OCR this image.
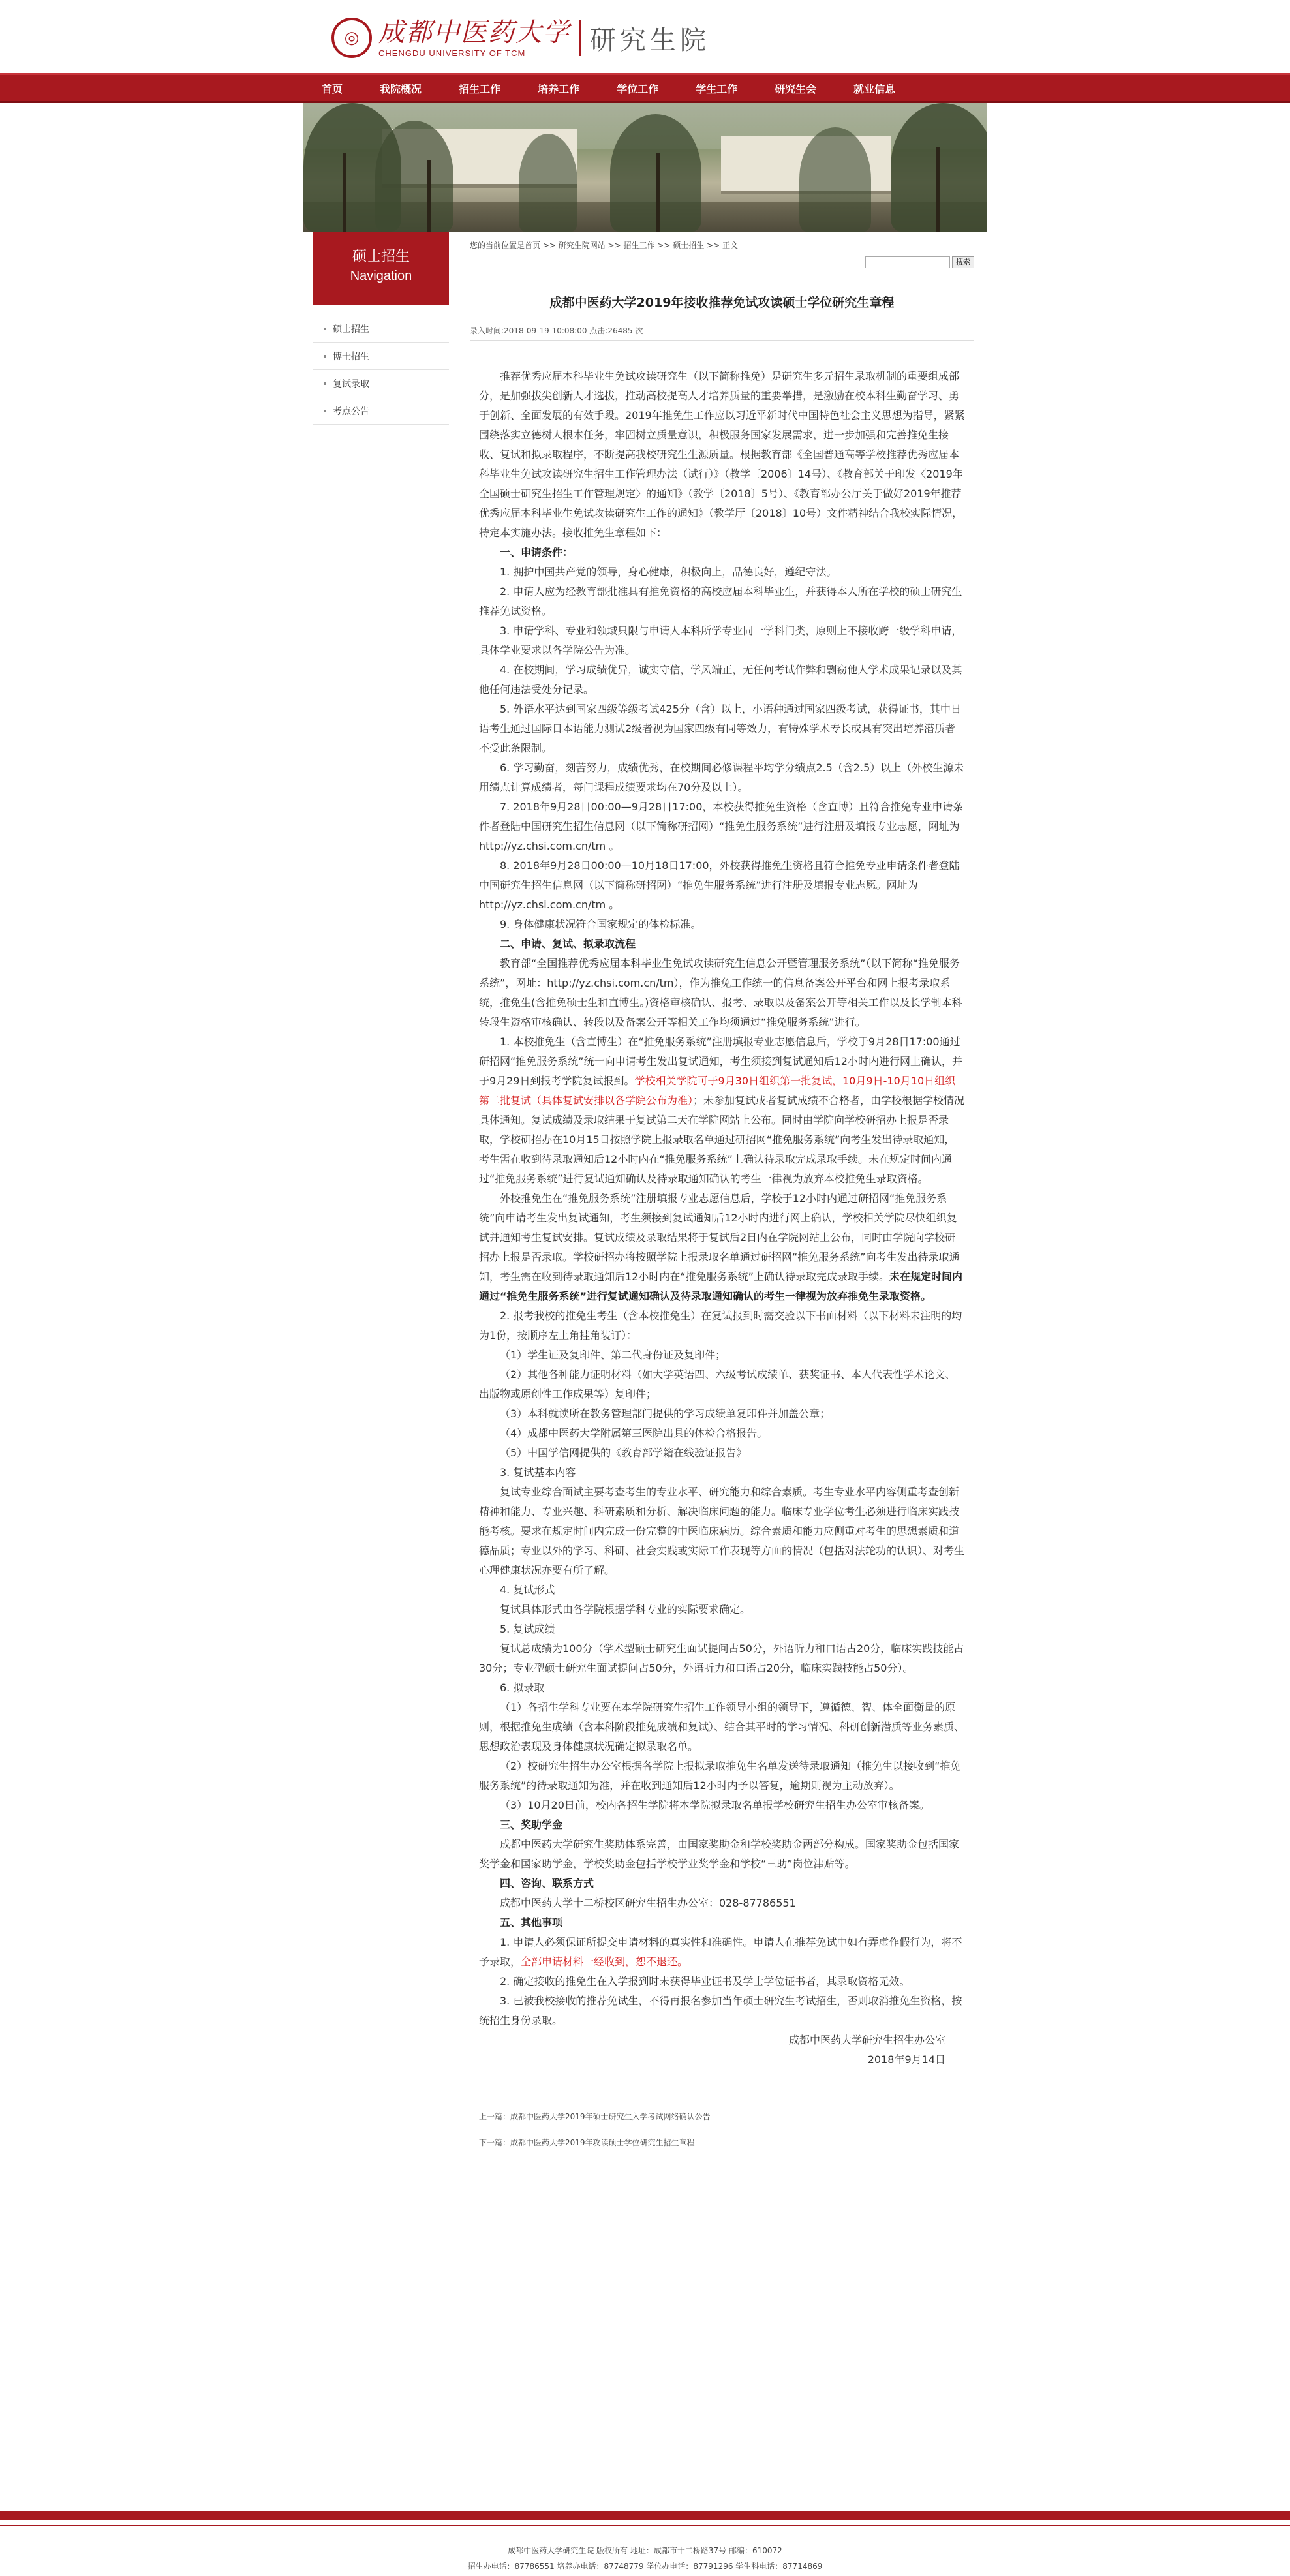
◎ 成都中医药大学
CHENGDU UNIVERSITY OF TCM	研究生院
首页	我院概况	招生工作	培养工作	学位工作	学生工作	研究生会	就业信息
硕士招生
Navigation
硕士招生
博士招生
复试录取
考点公告
您的当前位置是首页 >> 研究生院网站 >> 招生工作 >> 硕士招生 >> 正文
搜索
成都中医药大学2019年接收推荐免试攻读硕士学位研究生章程
录入时间:2018-09-19 10:08:00 点击:26485 次

推荐优秀应届本科毕业生免试攻读研究生（以下简称推免）是研究生多元招生录取机制的重要组成部分，是加强拔尖创新人才选拔，推动高校提高人才培养质量的重要举措，是激励在校本科生勤奋学习、勇于创新、全面发展的有效手段。2019年推免生工作应以习近平新时代中国特色社会主义思想为指导，紧紧围绕落实立德树人根本任务，牢固树立质量意识，积极服务国家发展需求，进一步加强和完善推免生接收、复试和拟录取程序，不断提高我校研究生生源质量。根据教育部《全国普通高等学校推荐优秀应届本科毕业生免试攻读研究生招生工作管理办法（试行）》（教学〔2006〕14号）、《教育部关于印发〈2019年全国硕士研究生招生工作管理规定〉的通知》（教学〔2018〕5号）、《教育部办公厅关于做好2019年推荐优秀应届本科毕业生免试攻读研究生工作的通知》（教学厅〔2018〕10号）文件精神结合我校实际情况，特定本实施办法。接收推免生章程如下：

一、申请条件：

1. 拥护中国共产党的领导，身心健康，积极向上，品德良好，遵纪守法。

2. 申请人应为经教育部批准具有推免资格的高校应届本科毕业生，并获得本人所在学校的硕士研究生推荐免试资格。

3. 申请学科、专业和领域只限与申请人本科所学专业同一学科门类，原则上不接收跨一级学科申请，具体学业要求以各学院公告为准。

4. 在校期间，学习成绩优异，诚实守信，学风端正，无任何考试作弊和剽窃他人学术成果记录以及其他任何违法受处分记录。

5. 外语水平达到国家四级等级考试425分（含）以上，小语种通过国家四级考试，获得证书，其中日语考生通过国际日本语能力测试2级者视为国家四级有同等效力，有特殊学术专长或具有突出培养潜质者不受此条限制。

6. 学习勤奋，刻苦努力，成绩优秀，在校期间必修课程平均学分绩点2.5（含2.5）以上（外校生源未用绩点计算成绩者，每门课程成绩要求均在70分及以上）。

7. 2018年9月28日00:00—9月28日17:00，本校获得推免生资格（含直博）且符合推免专业申请条件者登陆中国研究生招生信息网（以下简称研招网）“推免生服务系统”进行注册及填报专业志愿，网址为http://yz.chsi.com.cn/tm 。

8. 2018年9月28日00:00—10月18日17:00，外校获得推免生资格且符合推免专业申请条件者登陆中国研究生招生信息网（以下简称研招网）“推免生服务系统”进行注册及填报专业志愿。网址为http://yz.chsi.com.cn/tm 。

9. 身体健康状况符合国家规定的体检标准。

二、申请、复试、拟录取流程

教育部“全国推荐优秀应届本科毕业生免试攻读研究生信息公开暨管理服务系统”（以下简称“推免服务系统”，网址：http://yz.chsi.com.cn/tm），作为推免工作统一的信息备案公开平台和网上报考录取系统，推免生(含推免硕士生和直博生。)资格审核确认、报考、录取以及备案公开等相关工作以及长学制本科转段生资格审核确认、转段以及备案公开等相关工作均须通过“推免服务系统”进行。

1. 本校推免生（含直博生）在“推免服务系统”注册填报专业志愿信息后，学校于9月28日17:00通过研招网“推免服务系统”统一向申请考生发出复试通知，考生须接到复试通知后12小时内进行网上确认，并于9月29日到报考学院复试报到。学校相关学院可于9月30日组织第一批复试，10月9日-10月10日组织第二批复试（具体复试安排以各学院公布为准）；未参加复试或者复试成绩不合格者，由学校根据学校情况具体通知。复试成绩及录取结果于复试第二天在学院网站上公布。同时由学院向学校研招办上报是否录取，学校研招办在10月15日按照学院上报录取名单通过研招网“推免服务系统”向考生发出待录取通知，考生需在收到待录取通知后12小时内在“推免服务系统”上确认待录取完成录取手续。未在规定时间内通过“推免服务系统”进行复试通知确认及待录取通知确认的考生一律视为放弃本校推免生录取资格。

外校推免生在“推免服务系统”注册填报专业志愿信息后，学校于12小时内通过研招网“推免服务系统”向申请考生发出复试通知，考生须接到复试通知后12小时内进行网上确认，学校相关学院尽快组织复试并通知考生复试安排。复试成绩及录取结果将于复试后2日内在学院网站上公布，同时由学院向学校研招办上报是否录取。学校研招办将按照学院上报录取名单通过研招网“推免服务系统”向考生发出待录取通知，考生需在收到待录取通知后12小时内在“推免服务系统”上确认待录取完成录取手续。未在规定时间内通过“推免生服务系统”进行复试通知确认及待录取通知确认的考生一律视为放弃推免生录取资格。

2. 报考我校的推免生考生（含本校推免生）在复试报到时需交验以下书面材料（以下材料未注明的均为1份，按顺序左上角挂角装订）：

（1）学生证及复印件、第二代身份证及复印件；

（2）其他各种能力证明材料（如大学英语四、六级考试成绩单、获奖证书、本人代表性学术论文、出版物或原创性工作成果等）复印件；

（3）本科就读所在教务管理部门提供的学习成绩单复印件并加盖公章；

（4）成都中医药大学附属第三医院出具的体检合格报告。

（5）中国学信网提供的《教育部学籍在线验证报告》

3. 复试基本内容

复试专业综合面试主要考查考生的专业水平、研究能力和综合素质。考生专业水平内容侧重考查创新精神和能力、专业兴趣、科研素质和分析、解决临床问题的能力。临床专业学位考生必须进行临床实践技能考核。要求在规定时间内完成一份完整的中医临床病历。综合素质和能力应侧重对考生的思想素质和道德品质；专业以外的学习、科研、社会实践或实际工作表现等方面的情况（包括对法轮功的认识）、对考生心理健康状况亦要有所了解。

4. 复试形式

复试具体形式由各学院根据学科专业的实际要求确定。

5. 复试成绩

复试总成绩为100分（学术型硕士研究生面试提问占50分，外语听力和口语占20分，临床实践技能占30分；专业型硕士研究生面试提问占50分，外语听力和口语占20分，临床实践技能占50分）。

6. 拟录取

（1）各招生学科专业要在本学院研究生招生工作领导小组的领导下，遵循德、智、体全面衡量的原则，根据推免生成绩（含本科阶段推免成绩和复试）、结合其平时的学习情况、科研创新潜质等业务素质、思想政治表现及身体健康状况确定拟录取名单。

（2）校研究生招生办公室根据各学院上报拟录取推免生名单发送待录取通知（推免生以接收到“推免服务系统”的待录取通知为准，并在收到通知后12小时内予以答复，逾期则视为主动放弃）。

（3）10月20日前，校内各招生学院将本学院拟录取名单报学校研究生招生办公室审核备案。

三、奖助学金

成都中医药大学研究生奖助体系完善，由国家奖助金和学校奖助金两部分构成。国家奖助金包括国家奖学金和国家助学金，学校奖助金包括学校学业奖学金和学校“三助”岗位津贴等。

四、咨询、联系方式

成都中医药大学十二桥校区研究生招生办公室：028-87786551

五、其他事项

1. 申请人必须保证所提交申请材料的真实性和准确性。申请人在推荐免试中如有弄虚作假行为，将不予录取，全部申请材料一经收到，恕不退还。

2. 确定接收的推免生在入学报到时未获得毕业证书及学士学位证书者，其录取资格无效。

3. 已被我校接收的推荐免试生，不得再报名参加当年硕士研究生考试招生，否则取消推免生资格，按统招生身份录取。

成都中医药大学研究生招生办公室

2018年9月14日

上一篇：成都中医药大学2019年硕士研究生入学考试网络确认公告
下一篇：成都中医药大学2019年攻读硕士学位研究生招生章程
成都中医药大学研究生院 版权所有 地址：成都市十二桥路37号 邮编：610072
招生办电话：87786551 培养办电话：87748779 学位办电话：87791296 学生科电话：87714869
